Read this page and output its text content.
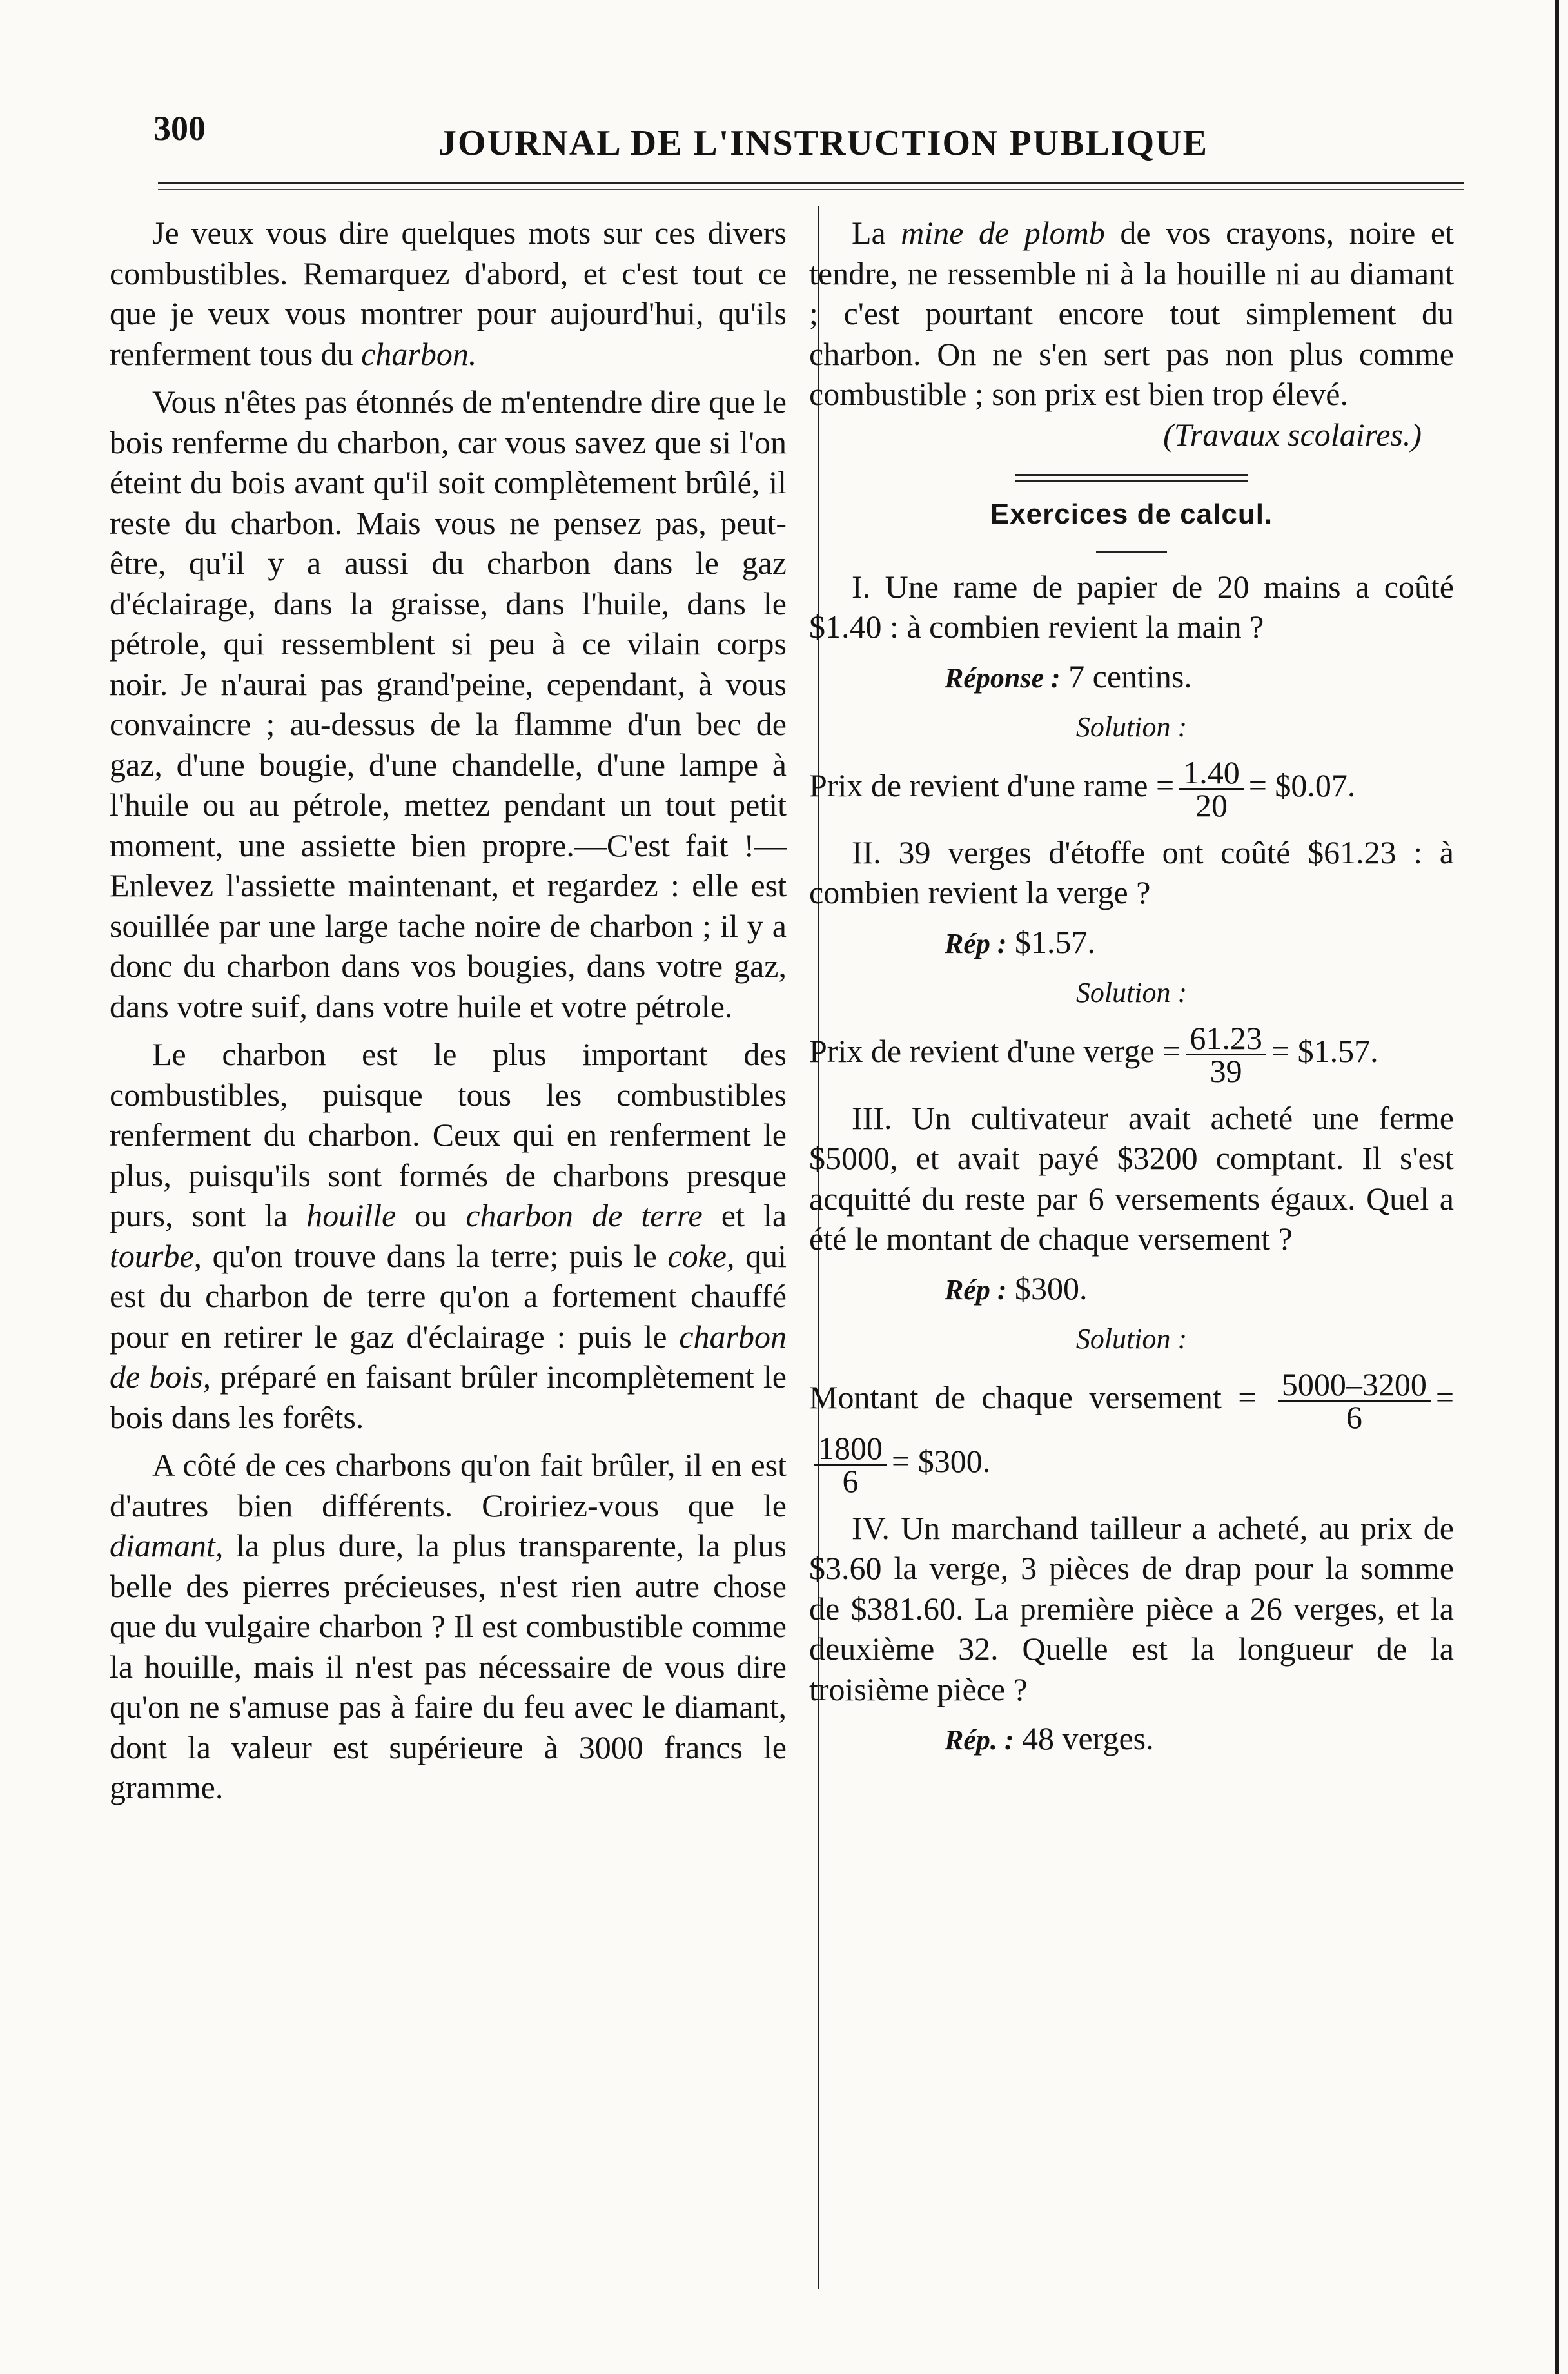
300	JOURNAL DE L'INSTRUCTION PUBLIQUE

Je veux vous dire quelques mots sur ces divers combustibles. Remarquez d'abord, et c'est tout ce que je veux vous montrer pour aujourd'hui, qu'ils renferment tous du charbon.

Vous n'êtes pas étonnés de m'entendre dire que le bois renferme du charbon, car vous savez que si l'on éteint du bois avant qu'il soit complètement brûlé, il reste du charbon. Mais vous ne pensez pas, peut-être, qu'il y a aussi du charbon dans le gaz d'éclairage, dans la graisse, dans l'huile, dans le pétrole, qui ressemblent si peu à ce vilain corps noir. Je n'aurai pas grand'peine, cependant, à vous convaincre ; au-dessus de la flamme d'un bec de gaz, d'une bougie, d'une chandelle, d'une lampe à l'huile ou au pétrole, mettez pendant un tout petit moment, une assiette bien propre.—C'est fait !—Enlevez l'assiette maintenant, et regardez : elle est souillée par une large tache noire de charbon ; il y a donc du charbon dans vos bougies, dans votre gaz, dans votre suif, dans votre huile et votre pétrole.

Le charbon est le plus important des combustibles, puisque tous les combustibles renferment du charbon. Ceux qui en renferment le plus, puisqu'ils sont formés de charbons presque purs, sont la houille ou charbon de terre et la tourbe, qu'on trouve dans la terre; puis le coke, qui est du charbon de terre qu'on a fortement chauffé pour en retirer le gaz d'éclairage : puis le charbon de bois, préparé en faisant brûler incomplètement le bois dans les forêts.

A côté de ces charbons qu'on fait brûler, il en est d'autres bien différents. Croiriez-vous que le diamant, la plus dure, la plus transparente, la plus belle des pierres précieuses, n'est rien autre chose que du vulgaire charbon ? Il est combustible comme la houille, mais il n'est pas nécessaire de vous dire qu'on ne s'amuse pas à faire du feu avec le diamant, dont la valeur est supérieure à 3000 francs le gramme.

La mine de plomb de vos crayons, noire et tendre, ne ressemble ni à la houille ni au diamant ; c'est pourtant encore tout simplement du charbon. On ne s'en sert pas non plus comme combustible ; son prix est bien trop élevé.

(Travaux scolaires.)

Exercices de calcul.

I. Une rame de papier de 20 mains a coûté $1.40 : à combien revient la main ?

Réponse : 7 centins.

Solution :

Prix de revient d'une rame = $\frac{1.40}{20}$ = $0.07.

II. 39 verges d'étoffe ont coûté $61.23 : à combien revient la verge ?

Rép : $1.57.

Solution :

Prix de revient d'une verge = $\frac{61.23}{39}$ = $1.57.

III. Un cultivateur avait acheté une ferme $5000, et avait payé $3200 comptant. Il s'est acquitté du reste par 6 versements égaux. Quel a été le montant de chaque versement ?

Rép : $300.

Solution :

Montant de chaque versement = $\frac{5000-3200}{6}$ =
$\frac{1800}{6}$ = $300.

IV. Un marchand tailleur a acheté, au prix de $3.60 la verge, 3 pièces de drap pour la somme de $381.60. La première pièce a 26 verges, et la deuxième 32. Quelle est la longueur de la troisième pièce ?

Rép. : 48 verges.
